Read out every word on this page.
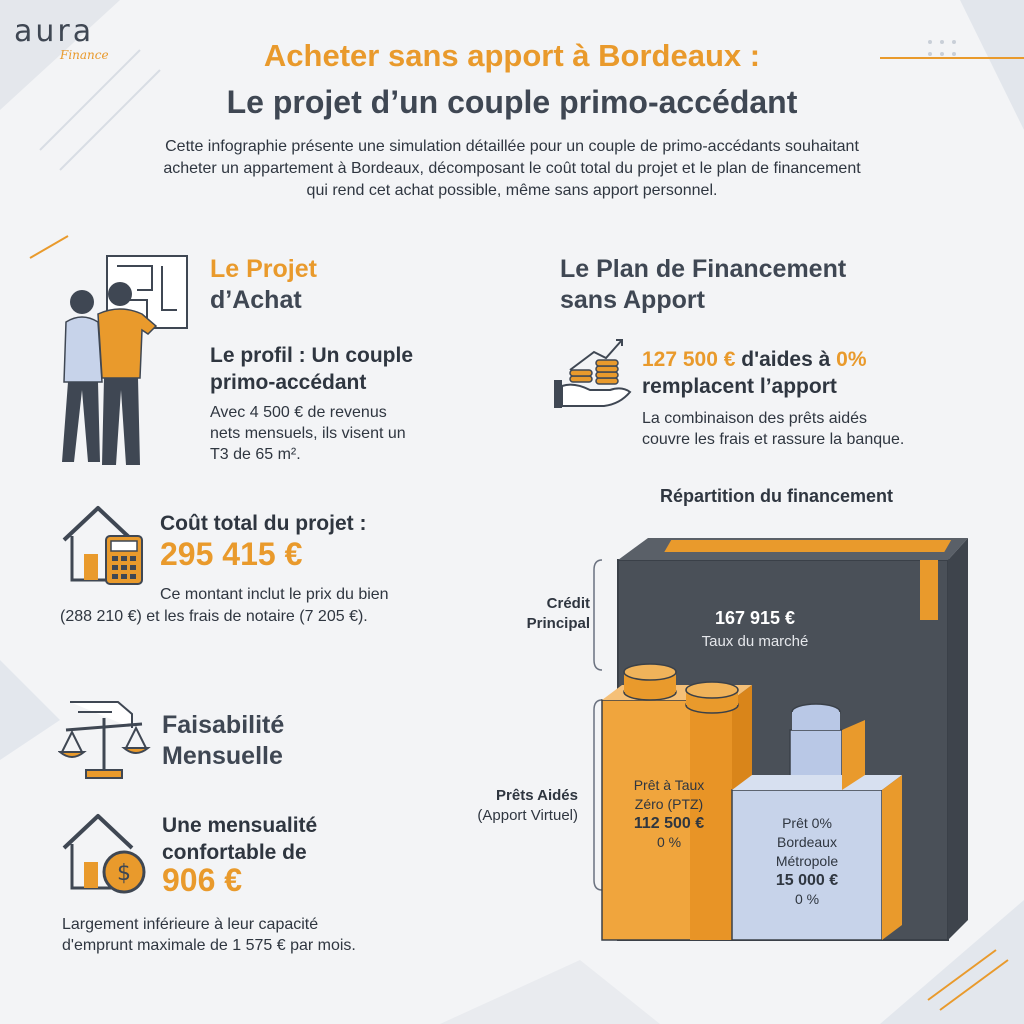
aura
Finance	Acheter sans apport à Bordeaux :
Le projet d’un couple primo-accédant
Cette infographie présente une simulation détaillée pour un couple de primo-accédants souhaitant
acheter un appartement à Bordeaux, décomposant le coût total du projet et le plan de financement
qui rend cet achat possible, même sans apport personnel.
Le Projet
d’Achat
Le profil : Un couple
primo-accédant
Avec 4 500 € de revenus
nets mensuels, ils visent un
T3 de 65 m².
Coût total du projet :
295 415 €
Ce montant inclut le prix du bien
(288 210 €) et les frais de notaire (7 205 €).
Faisabilité
Mensuelle
$
Une mensualité
confortable de
906 €
Largement inférieure à leur capacité
d'emprunt maximale de 1 575 € par mois.
Le Plan de Financement
sans Apport
127 500 € d'aides à 0%
remplacent l’apport
La combinaison des prêts aidés
couvre les frais et rassure la banque.
Répartition du financement
Crédit
Principal
Prêts Aidés
(Apport Virtuel)
167 915 €
Taux du marché
Prêt à Taux
Zéro (PTZ)
112 500 €
0 %
Prêt 0%
Bordeaux
Métropole
15 000 €
0 %
